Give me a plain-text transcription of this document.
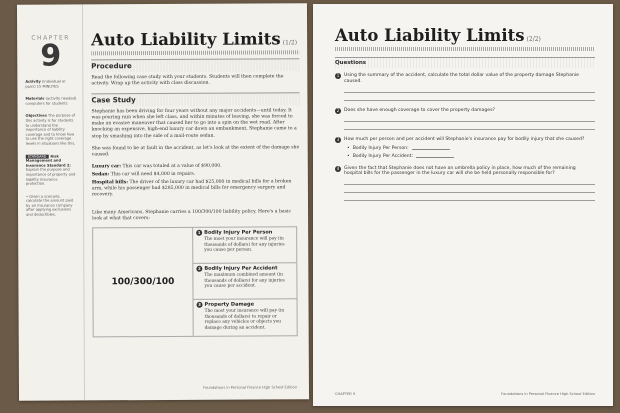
CHAPTER
9
Activity (individual or pairs) 15 MINUTES
Materials (activity needed) computers for students
Objectives The purpose of this activity is for students to understand the importance of liability coverage and to know how to use the right coverage levels in situations like this.
STANDARD Risk Management and Insurance Standard 2: Explain the purpose and importance of property and liability insurance protection.
• Given a scenario, calculate the amount paid by an insurance company after applying exclusions and deductibles.
Auto Liability Limits (1/2)
Procedure

Read the following case study with your students. Students will then complete the activity. Wrap up the activity with class discussion.

Case Study

Stephanie has been driving for four years without any major accidents—until today. It was pouring rain when she left class, and within minutes of leaving, she was forced to make an evasive maneuver that caused her to go into a spin on the wet road. After knocking an expensive, high-end luxury car down an embankment, Stephanie came to a stop by smashing into the side of a mail-route sedan.

She was found to be at fault in the accident, as let's look at the extent of the damage she caused.

Luxury car: This car was totaled at a value of $90,000.

Sedan: This car will need $4,000 in repairs.

Hospital bills: The driver of the luxury car had $25,000 in medical bills for a broken arm, while his passenger had $285,000 in medical bills for emergency surgery and recovery.

Like many Americans, Stephanie carries a 100/300/100 liability policy. Here's a basic look at what that covers:

100/300/100
1 Bodily Injury Per Person
The most your insurance will pay (in thousands of dollars) for any injuries you cause per person.
2 Bodily Injury Per Accident
The maximum combined amount (in thousands of dollars) for any injuries you cause per accident.
3 Property Damage
The most your insurance will pay (in thousands of dollars) to repair or replace any vehicles or objects you damage during an accident.
Foundations in Personal Finance High School Edition
Auto Liability Limits (2/2)
Questions
1	Using the summary of the accident, calculate the total dollar value of the property damage Stephanie caused.
2	Does she have enough coverage to cover the property damages?
3	How much per person and per accident will Stephanie's insurance pay for bodily injury that she caused?
• Bodily Injury Per Person:
• Bodily Injury Per Accident:
4	Given the fact that Stephanie does not have an umbrella policy in place, how much of the remaining hospital bills for the passenger in the luxury car will she be held personally responsible for?
CHAPTER 9	Foundations in Personal Finance High School Edition
